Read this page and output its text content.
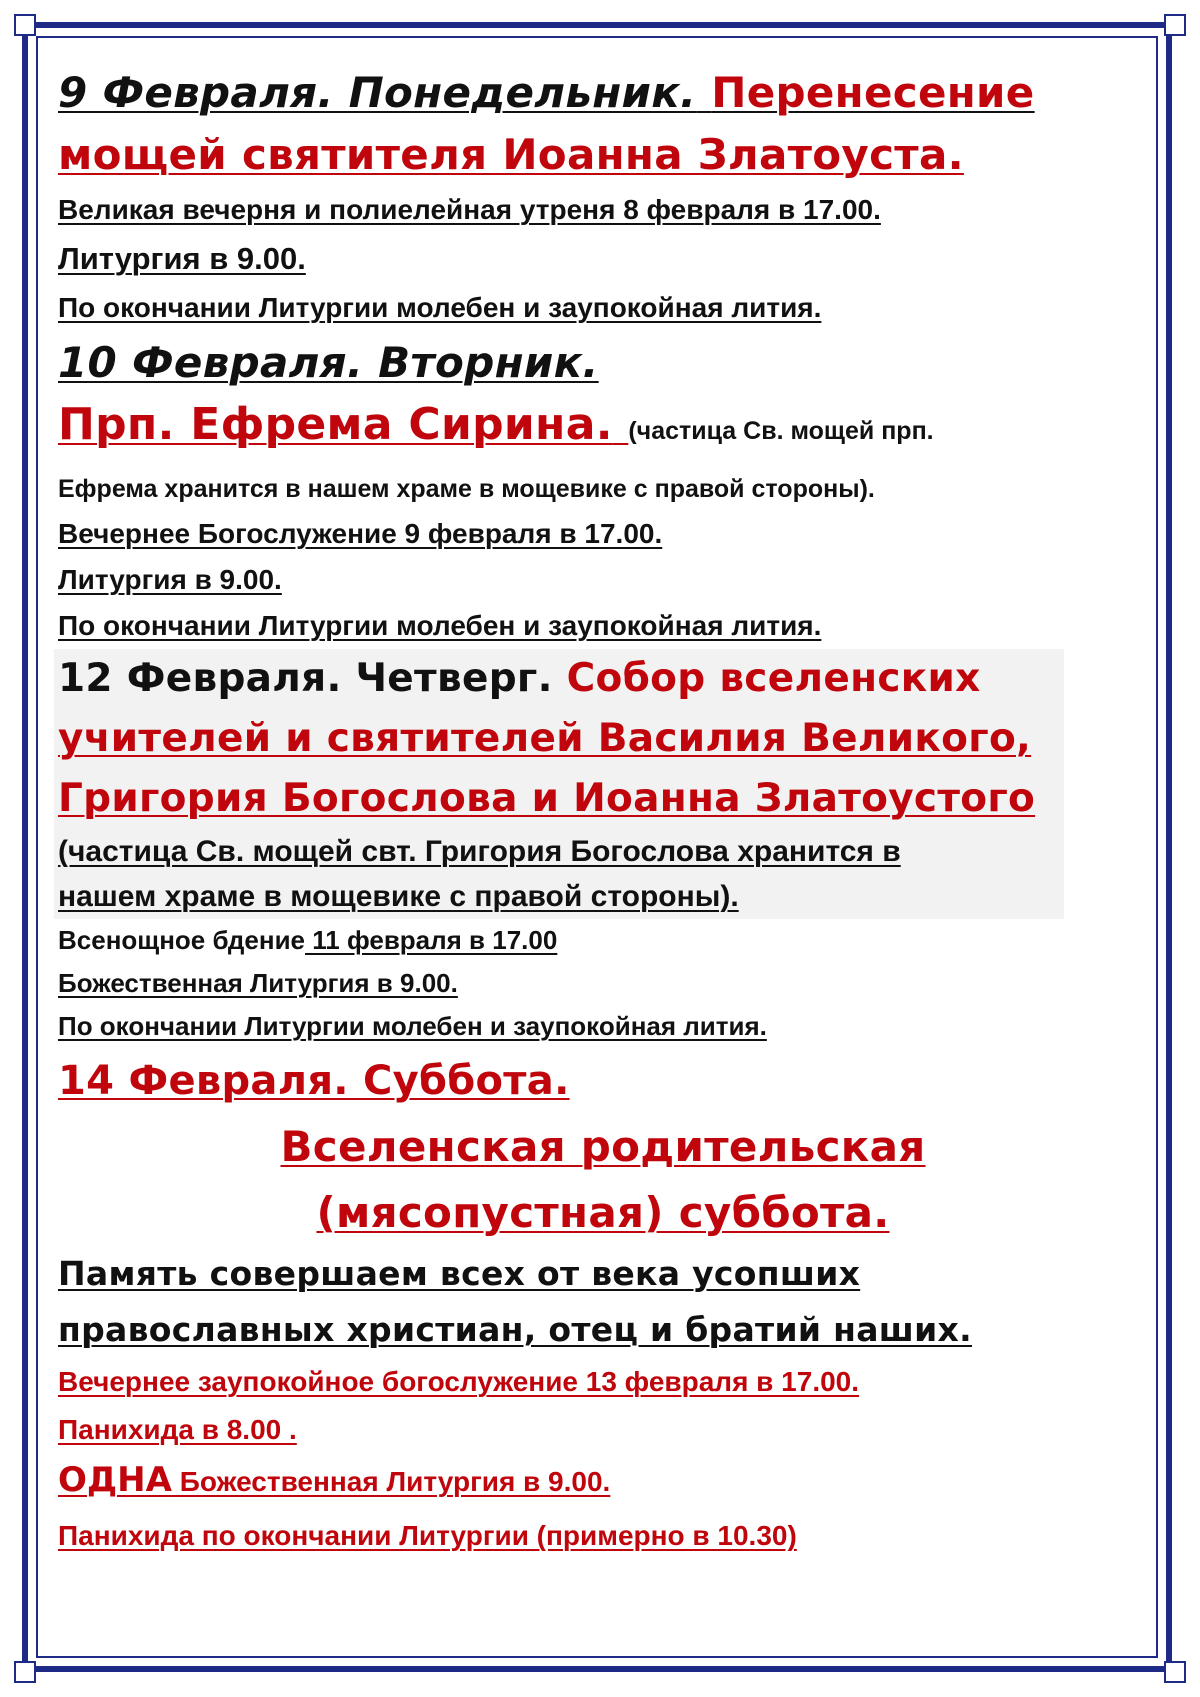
9 Февраля. Понедельник. Перенесение
мощей святителя Иоанна Златоуста.
Великая вечерня и полиелейная утреня 8 февраля в 17.00.
Литургия в 9.00.
По окончании Литургии молебен и заупокойная лития.
10 Февраля. Вторник.
Прп. Ефрема Сирина. (частица Св. мощей прп.
Ефрема хранится в нашем храме в мощевике с правой стороны).
Вечернее Богослужение 9 февраля в 17.00.
Литургия в 9.00.
По окончании Литургии молебен и заупокойная лития.
12 Февраля. Четверг. Собор вселенских
учителей и святителей Василия Великого,
Григория Богослова и Иоанна Златоустого
(частица Св. мощей свт. Григория Богослова хранится в
нашем храме в мощевике с правой стороны).
Всенощное бдение 11 февраля в 17.00
Божественная Литургия в 9.00.
По окончании Литургии молебен и заупокойная лития.
14 Февраля. Суббота.
Вселенская родительская
(мясопустная) суббота.
Память совершаем всех от века усопших
православных христиан, отец и братий наших.
Вечернее заупокойное богослужение 13 февраля в 17.00.
Панихида в 8.00 .
ОДНА Божественная Литургия в 9.00.
Панихида по окончании Литургии (примерно в 10.30)
